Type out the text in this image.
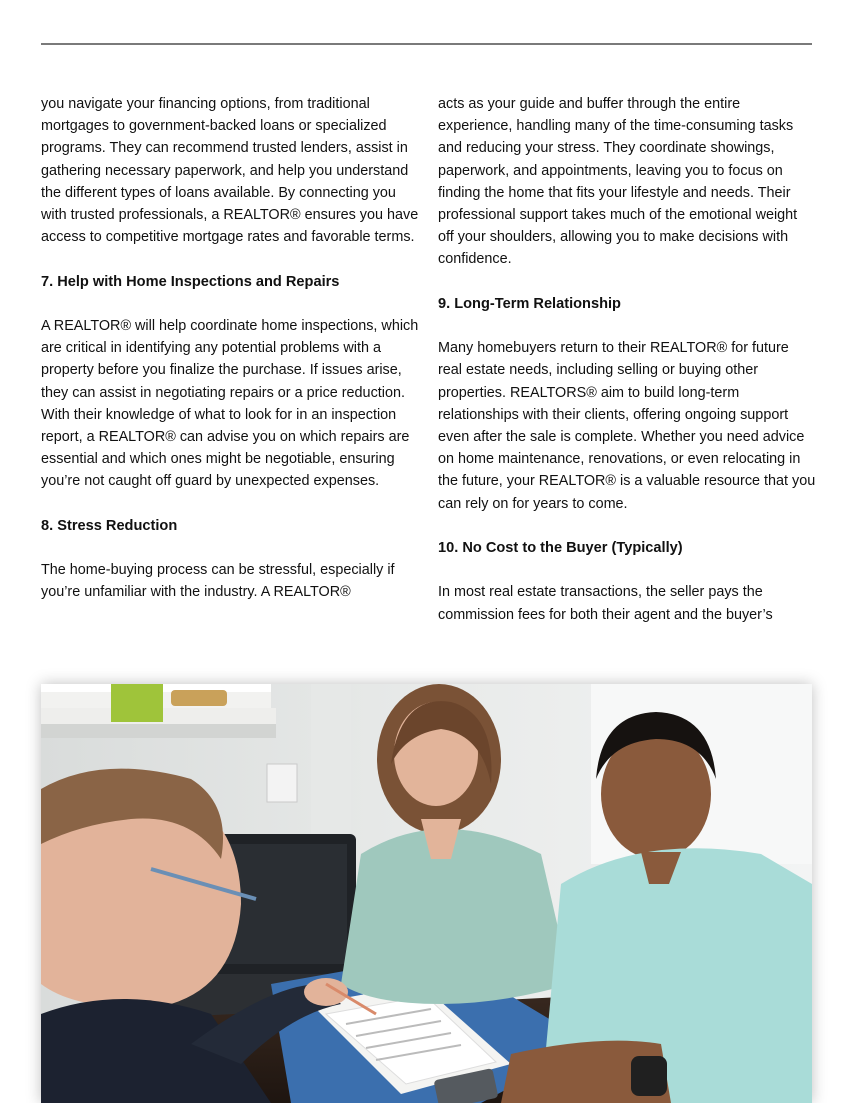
you navigate your financing options, from traditional mortgages to government-backed loans or specialized programs. They can recommend trusted lenders, assist in gathering necessary paperwork, and help you understand the different types of loans available. By connecting you with trusted professionals, a REALTOR® ensures you have access to competitive mortgage rates and favorable terms.

7. Help with Home Inspections and Repairs

A REALTOR® will help coordinate home inspections, which are critical in identifying any potential problems with a property before you finalize the purchase. If issues arise, they can assist in negotiating repairs or a price reduction. With their knowledge of what to look for in an inspection report, a REALTOR® can advise you on which repairs are essential and which ones might be negotiable, ensuring you’re not caught off guard by unexpected expenses.

8. Stress Reduction

The home-buying process can be stressful, especially if you’re unfamiliar with the industry. A REALTOR®

acts as your guide and buffer through the entire experience, handling many of the time-consuming tasks and reducing your stress. They coordinate showings, paperwork, and appointments, leaving you to focus on finding the home that fits your lifestyle and needs. Their professional support takes much of the emotional weight off your shoulders, allowing you to make decisions with confidence.

9. Long-Term Relationship

Many homebuyers return to their REALTOR® for future real estate needs, including selling or buying other properties. REALTORS® aim to build long-term relationships with their clients, offering ongoing support even after the sale is complete. Whether you need advice on home maintenance, renovations, or even relocating in the future, your REALTOR® is a valuable resource that you can rely on for years to come.

10. No Cost to the Buyer (Typically)

In most real estate transactions, the seller pays the commission fees for both their agent and the buyer’s
